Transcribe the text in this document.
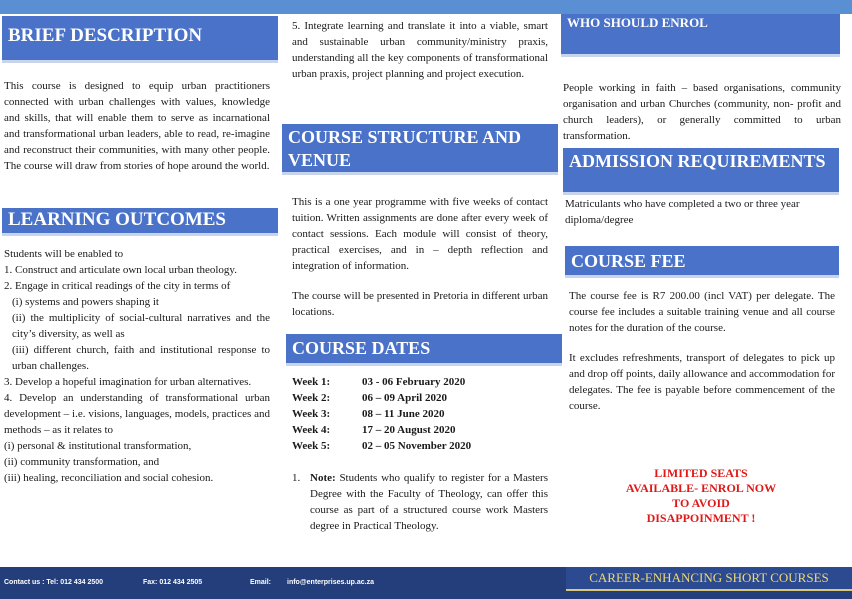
BRIEF DESCRIPTION
This course is designed to equip urban practitioners connected with urban challenges with values, knowledge and skills, that will enable them to serve as incarnational and transformational urban leaders, able to read, re-imagine and reconstruct their communities, with many other people. The course will draw from stories of hope around the world.
LEARNING OUTCOMES

Students will be enabled to

1. Construct and articulate own local urban theology.

2. Engage in critical readings of the city in terms of

(i) systems and powers shaping it

(ii) the multiplicity of social-cultural narratives and the city’s diversity, as well as

(iii) different church, faith and institutional response to urban challenges.

3. Develop a hopeful imagination for urban alternatives.

4. Develop an understanding of transformational urban development – i.e. visions, languages, models, practices and methods – as it relates to

(i) personal & institutional transformation,

(ii) community transformation, and

(iii) healing, reconciliation and social cohesion.

5. Integrate learning and translate it into a viable, smart and sustainable urban community/ministry praxis, understanding all the key components of transformational urban praxis, project planning and project execution.
COURSE STRUCTURE AND VENUE

This is a one year programme with five weeks of contact tuition. Written assignments are done after every week of contact sessions. Each module will consist of theory, practical exercises, and in – depth reflection and integration of information.

The course will be presented in Pretoria in different urban locations.

COURSE DATES
Week 1:	03 - 06 February 2020
Week 2:	06 – 09 April 2020
Week 3:	08 – 11 June 2020
Week 4:	17 – 20 August 2020
Week 5:	02 – 05 November 2020
1. Note: Students who qualify to register for a Masters Degree with the Faculty of Theology, can offer this course as part of a structured course work Masters degree in Practical Theology.
WHO SHOULD ENROL
People working in faith – based organisations, community organisation and urban Churches (community, non- profit and church leaders), or generally committed to urban transformation.
ADMISSION REQUIREMENTS
Matriculants who have completed a two or three year diploma/degree
COURSE FEE

The course fee is R7 200.00 (incl VAT) per delegate. The course fee includes a suitable training venue and all course notes for the duration of the course.

It excludes refreshments, transport of delegates to pick up and drop off points, daily allowance and accommodation for delegates. The fee is payable before commencement of the course.

LIMITED SEATS
AVAILABLE- ENROL NOW
TO AVOID
DISAPPOINMENT !
Contact us : Tel: 012 434 2500	Fax: 012 434 2505	Email: info@enterprises.up.ac.za	CAREER-ENHANCING SHORT COURSES
